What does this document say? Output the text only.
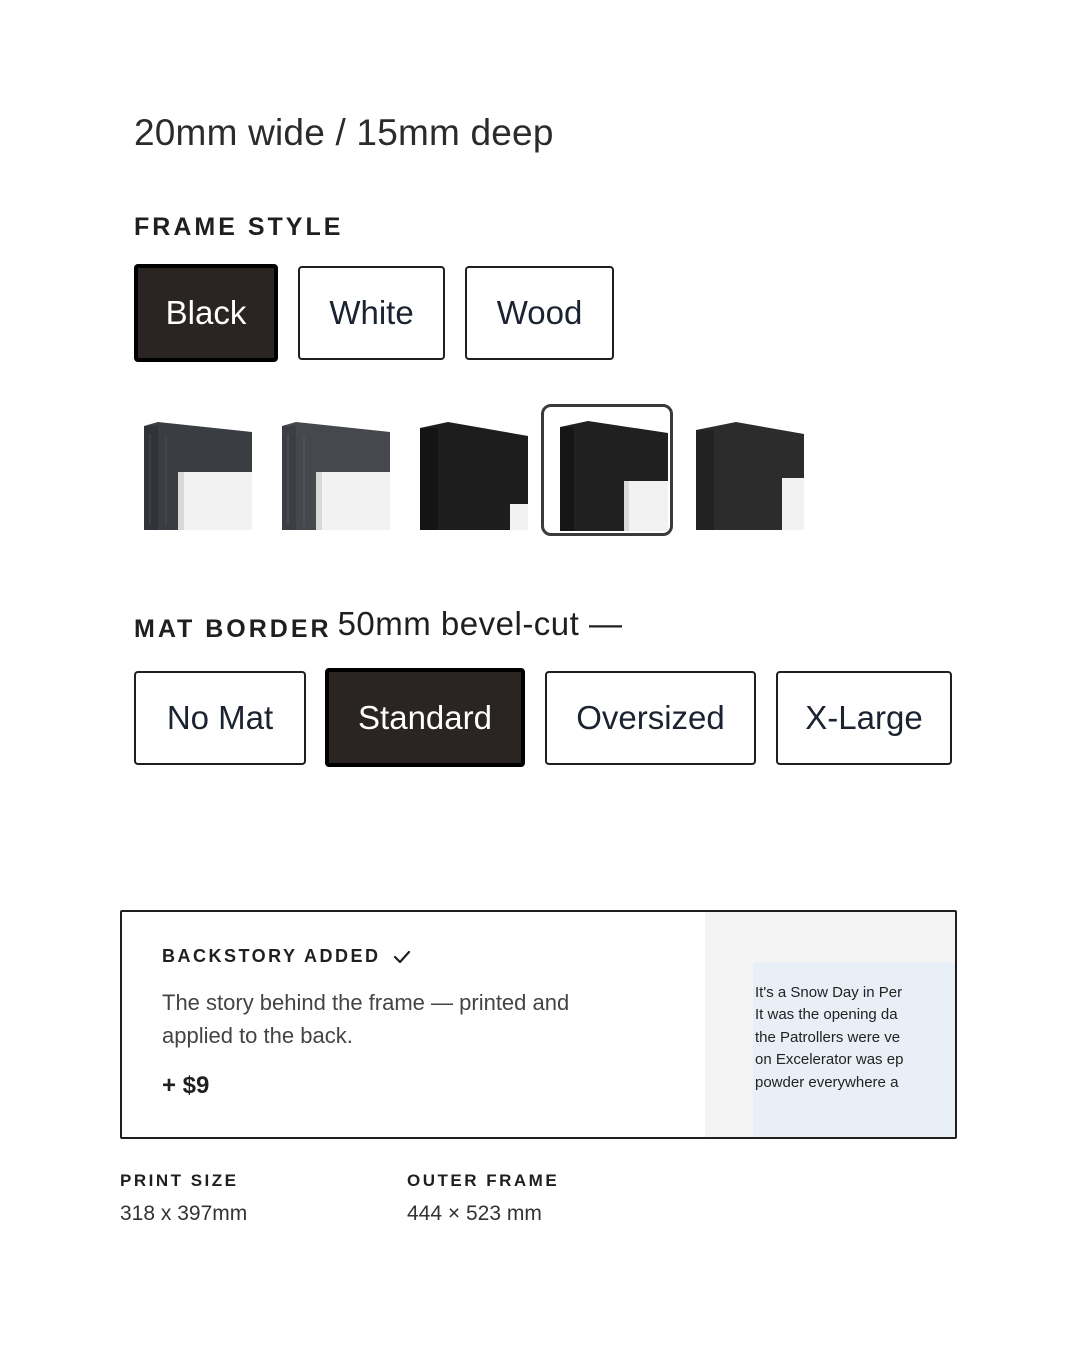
20mm wide / 15mm deep
FRAME STYLE
Black	White	Wood
MAT BORDER 50mm bevel-cut —
No Mat	Standard	Oversized	X-Large
BACKSTORY ADDED
The story behind the frame — printed and applied to the back.
+ $9
It's a Snow Day in Per
It was the opening da
the Patrollers were ve
on Excelerator was ep
powder everywhere a
PRINT SIZE
318 x 397mm
OUTER FRAME
444 × 523 mm
